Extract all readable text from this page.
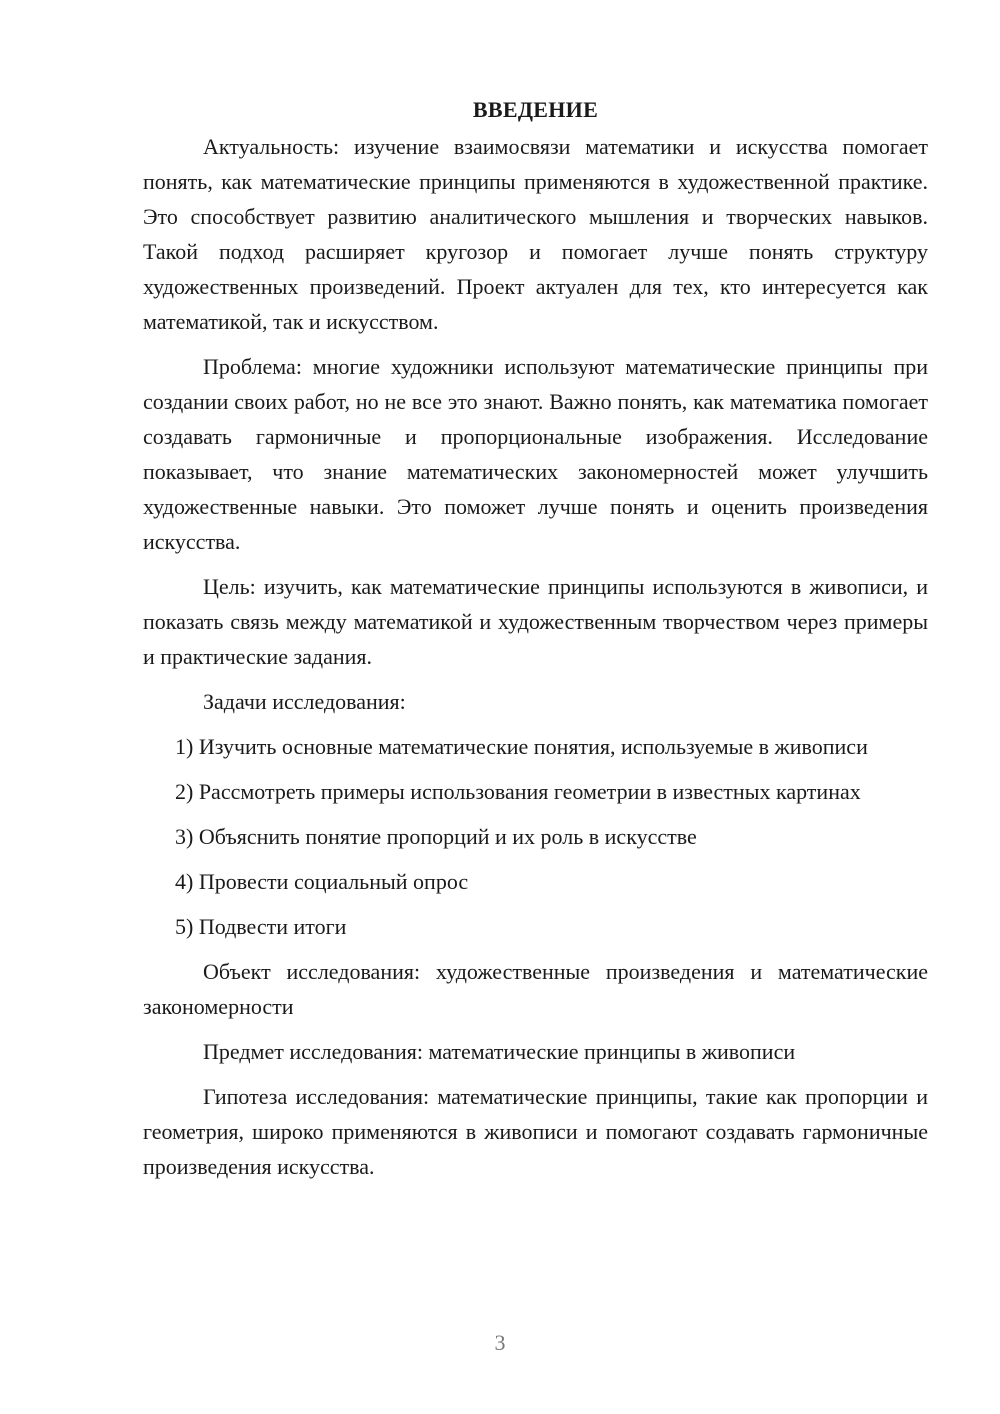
ВВЕДЕНИЕ

Актуальность: изучение взаимосвязи математики и искусства помогает понять, как математические принципы применяются в художественной практике. Это способствует развитию аналитического мышления и творческих навыков. Такой подход расширяет кругозор и помогает лучше понять структуру художественных произведений. Проект актуален для тех, кто интересуется как математикой, так и искусством.

Проблема: многие художники используют математические принципы при создании своих работ, но не все это знают. Важно понять, как математика помогает создавать гармоничные и пропорциональные изображения. Исследование показывает, что знание математических закономерностей может улучшить художественные навыки. Это поможет лучше понять и оценить произведения искусства.

Цель: изучить, как математические принципы используются в живописи, и показать связь между математикой и художественным творчеством через примеры и практические задания.

Задачи исследования:

1) Изучить основные математические понятия, используемые в живописи

2) Рассмотреть примеры использования геометрии в известных картинах

3) Объяснить понятие пропорций и их роль в искусстве

4) Провести социальный опрос

5) Подвести итоги

Объект исследования: художественные произведения и математические закономерности

Предмет исследования: математические принципы в живописи

Гипотеза исследования: математические принципы, такие как пропорции и геометрия, широко применяются в живописи и помогают создавать гармоничные произведения искусства.

3
